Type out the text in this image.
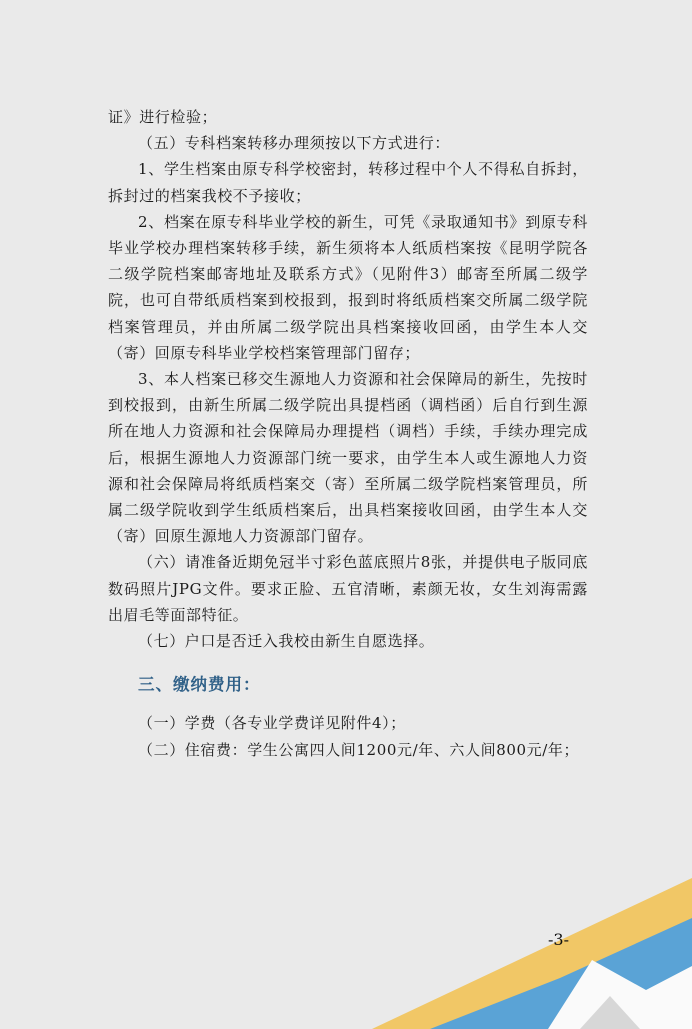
证》进行检验；

（五）专科档案转移办理须按以下方式进行：

1、学生档案由原专科学校密封，转移过程中个人不得私自拆封，拆封过的档案我校不予接收；

2、档案在原专科毕业学校的新生，可凭《录取通知书》到原专科毕业学校办理档案转移手续，新生须将本人纸质档案按《昆明学院各二级学院档案邮寄地址及联系方式》（见附件3）邮寄至所属二级学院，也可自带纸质档案到校报到，报到时将纸质档案交所属二级学院档案管理员，并由所属二级学院出具档案接收回函，由学生本人交（寄）回原专科毕业学校档案管理部门留存；

3、本人档案已移交生源地人力资源和社会保障局的新生，先按时到校报到，由新生所属二级学院出具提档函（调档函）后自行到生源所在地人力资源和社会保障局办理提档（调档）手续，手续办理完成后，根据生源地人力资源部门统一要求，由学生本人或生源地人力资源和社会保障局将纸质档案交（寄）至所属二级学院档案管理员，所属二级学院收到学生纸质档案后，出具档案接收回函，由学生本人交（寄）回原生源地人力资源部门留存。

（六）请准备近期免冠半寸彩色蓝底照片8张，并提供电子版同底数码照片JPG文件。要求正脸、五官清晰，素颜无妆，女生刘海需露出眉毛等面部特征。

（七）户口是否迁入我校由新生自愿选择。

三、缴纳费用：

（一）学费（各专业学费详见附件4）；

（二）住宿费：学生公寓四人间1200元/年、六人间800元/年；

-3-
